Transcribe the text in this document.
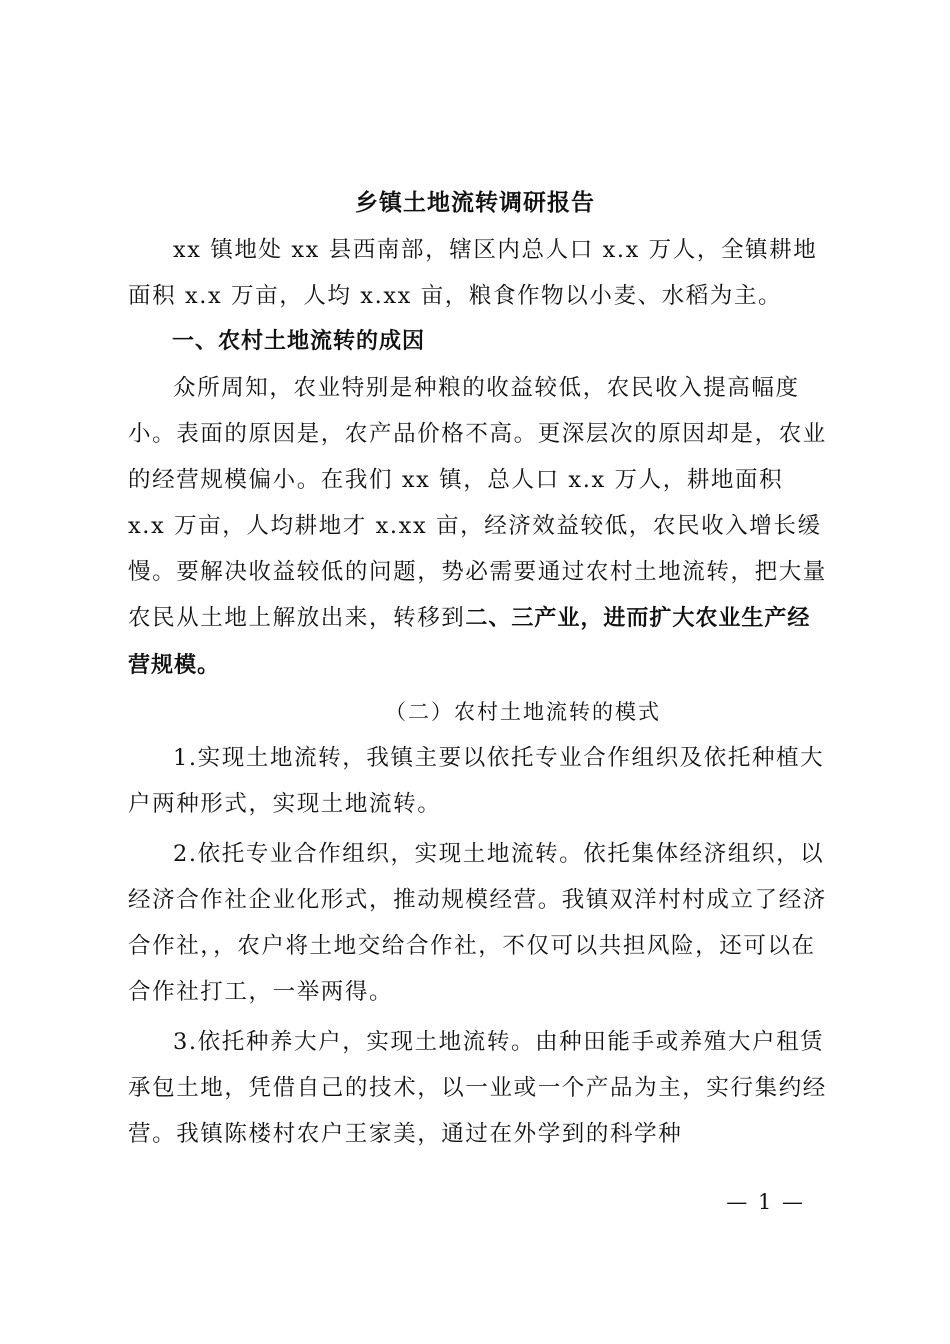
乡镇土地流转调研报告

xx 镇地处 xx 县西南部，辖区内总人口 x.x 万人，全镇耕地面积 x.x 万亩，人均 x.xx 亩，粮食作物以小麦、水稻为主。

一、农村土地流转的成因

众所周知，农业特别是种粮的收益较低，农民收入提高幅度小。表面的原因是，农产品价格不高。更深层次的原因却是，农业的经营规模偏小。在我们 xx 镇，总人口 x.x 万人，耕地面积 x.x 万亩，人均耕地才 x.xx 亩，经济效益较低，农民收入增长缓慢。要解决收益较低的问题，势必需要通过农村土地流转，把大量农民从土地上解放出来，转移到二、三产业，进而扩大农业生产经营规模。

（二）农村土地流转的模式

1.实现土地流转，我镇主要以依托专业合作组织及依托种植大户两种形式，实现土地流转。

2.依托专业合作组织，实现土地流转。依托集体经济组织，以经济合作社企业化形式，推动规模经营。我镇双洋村村成立了经济合作社，，农户将土地交给合作社，不仅可以共担风险，还可以在合作社打工，一举两得。

3.依托种养大户，实现土地流转。由种田能手或养殖大户租赁承包土地，凭借自己的技术，以一业或一个产品为主，实行集约经营。我镇陈楼村农户王家美，通过在外学到的科学种

— 1 —
